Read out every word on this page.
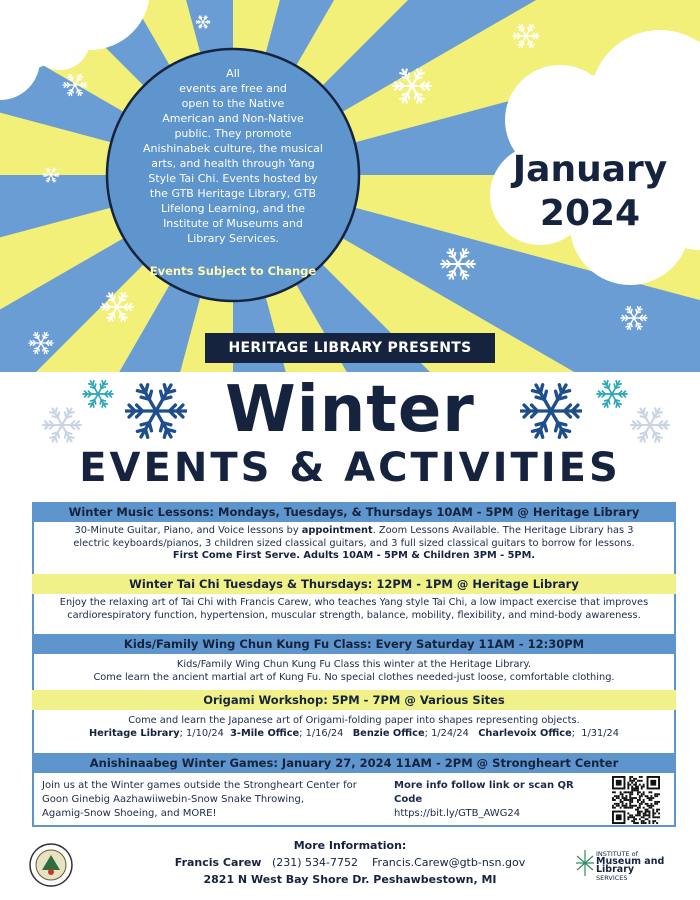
All
events are free and
open to the Native
American and Non-Native
public. They promote
Anishinabek culture, the musical
arts, and health through Yang
Style Tai Chi. Events hosted by
the GTB Heritage Library, GTB
Lifelong Learning, and the
Institute of Museums and
Library Services.
Events Subject to Change
January
2024
HERITAGE LIBRARY PRESENTS
Winter
EVENTS & ACTIVITIES
Winter Music Lessons: Mondays, Tuesdays, & Thursdays 10AM - 5PM @ Heritage Library
30-Minute Guitar, Piano, and Voice lessons by appointment. Zoom Lessons Available. The Heritage Library has 3
electric keyboards/pianos, 3 children sized classical guitars, and 3 full sized classical guitars to borrow for lessons.
First Come First Serve. Adults 10AM - 5PM & Children 3PM - 5PM.
Winter Tai Chi Tuesdays & Thursdays: 12PM - 1PM @ Heritage Library
Enjoy the relaxing art of Tai Chi with Francis Carew, who teaches Yang style Tai Chi, a low impact exercise that improves
cardiorespiratory function, hypertension, muscular strength, balance, mobility, flexibility, and mind-body awareness.
Kids/Family Wing Chun Kung Fu Class: Every Saturday 11AM - 12:30PM
Kids/Family Wing Chun Kung Fu Class this winter at the Heritage Library.
Come learn the ancient martial art of Kung Fu. No special clothes needed-just loose, comfortable clothing.
Origami Workshop: 5PM - 7PM @ Various Sites
Come and learn the Japanese art of Origami-folding paper into shapes representing objects.
Heritage Library; 1/10/24 3-Mile Office; 1/16/24 Benzie Office; 1/24/24 Charlevoix Office;  1/31/24
Anishinaabeg Winter Games: January 27, 2024 11AM - 2PM @ Strongheart Center
Join us at the Winter games outside the Strongheart Center for
Goon Ginebig Aazhawiiwebin-Snow Snake Throwing,
Agamig-Snow Shoeing, and MORE!
More info follow link or scan QR Code
https://bit.ly/GTB_AWG24
More Information:
Francis Carew (231) 534-7752 Francis.Carew@gtb-nsn.gov
2821 N West Bay Shore Dr. Peshawbestown, MI
INSTITUTE of
Museum and Library
SERVICES
